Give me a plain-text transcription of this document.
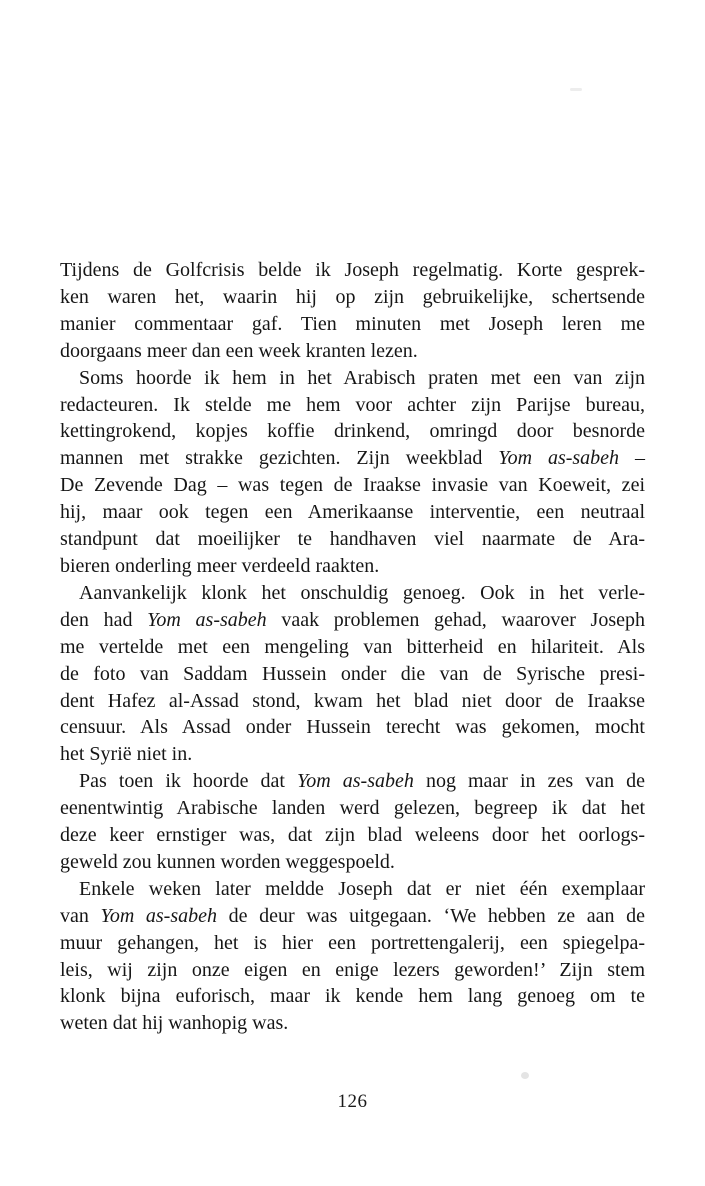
Tijdens de Golfcrisis belde ik Joseph regelmatig. Korte gesprek-
ken waren het, waarin hij op zijn gebruikelijke, schertsende
manier commentaar gaf. Tien minuten met Joseph leren me
doorgaans meer dan een week kranten lezen.
Soms hoorde ik hem in het Arabisch praten met een van zijn
redacteuren. Ik stelde me hem voor achter zijn Parijse bureau,
kettingrokend, kopjes koffie drinkend, omringd door besnorde
mannen met strakke gezichten. Zijn weekblad Yom as-sabeh –
De Zevende Dag – was tegen de Iraakse invasie van Koeweit, zei
hij, maar ook tegen een Amerikaanse interventie, een neutraal
standpunt dat moeilijker te handhaven viel naarmate de Ara-
bieren onderling meer verdeeld raakten.
Aanvankelijk klonk het onschuldig genoeg. Ook in het verle-
den had Yom as-sabeh vaak problemen gehad, waarover Joseph
me vertelde met een mengeling van bitterheid en hilariteit. Als
de foto van Saddam Hussein onder die van de Syrische presi-
dent Hafez al-Assad stond, kwam het blad niet door de Iraakse
censuur. Als Assad onder Hussein terecht was gekomen, mocht
het Syrië niet in.
Pas toen ik hoorde dat Yom as-sabeh nog maar in zes van de
eenentwintig Arabische landen werd gelezen, begreep ik dat het
deze keer ernstiger was, dat zijn blad weleens door het oorlogs-
geweld zou kunnen worden weggespoeld.
Enkele weken later meldde Joseph dat er niet één exemplaar
van Yom as-sabeh de deur was uitgegaan. ‘We hebben ze aan de
muur gehangen, het is hier een portrettengalerij, een spiegelpa-
leis, wij zijn onze eigen en enige lezers geworden!’ Zijn stem
klonk bijna euforisch, maar ik kende hem lang genoeg om te
weten dat hij wanhopig was.
126
